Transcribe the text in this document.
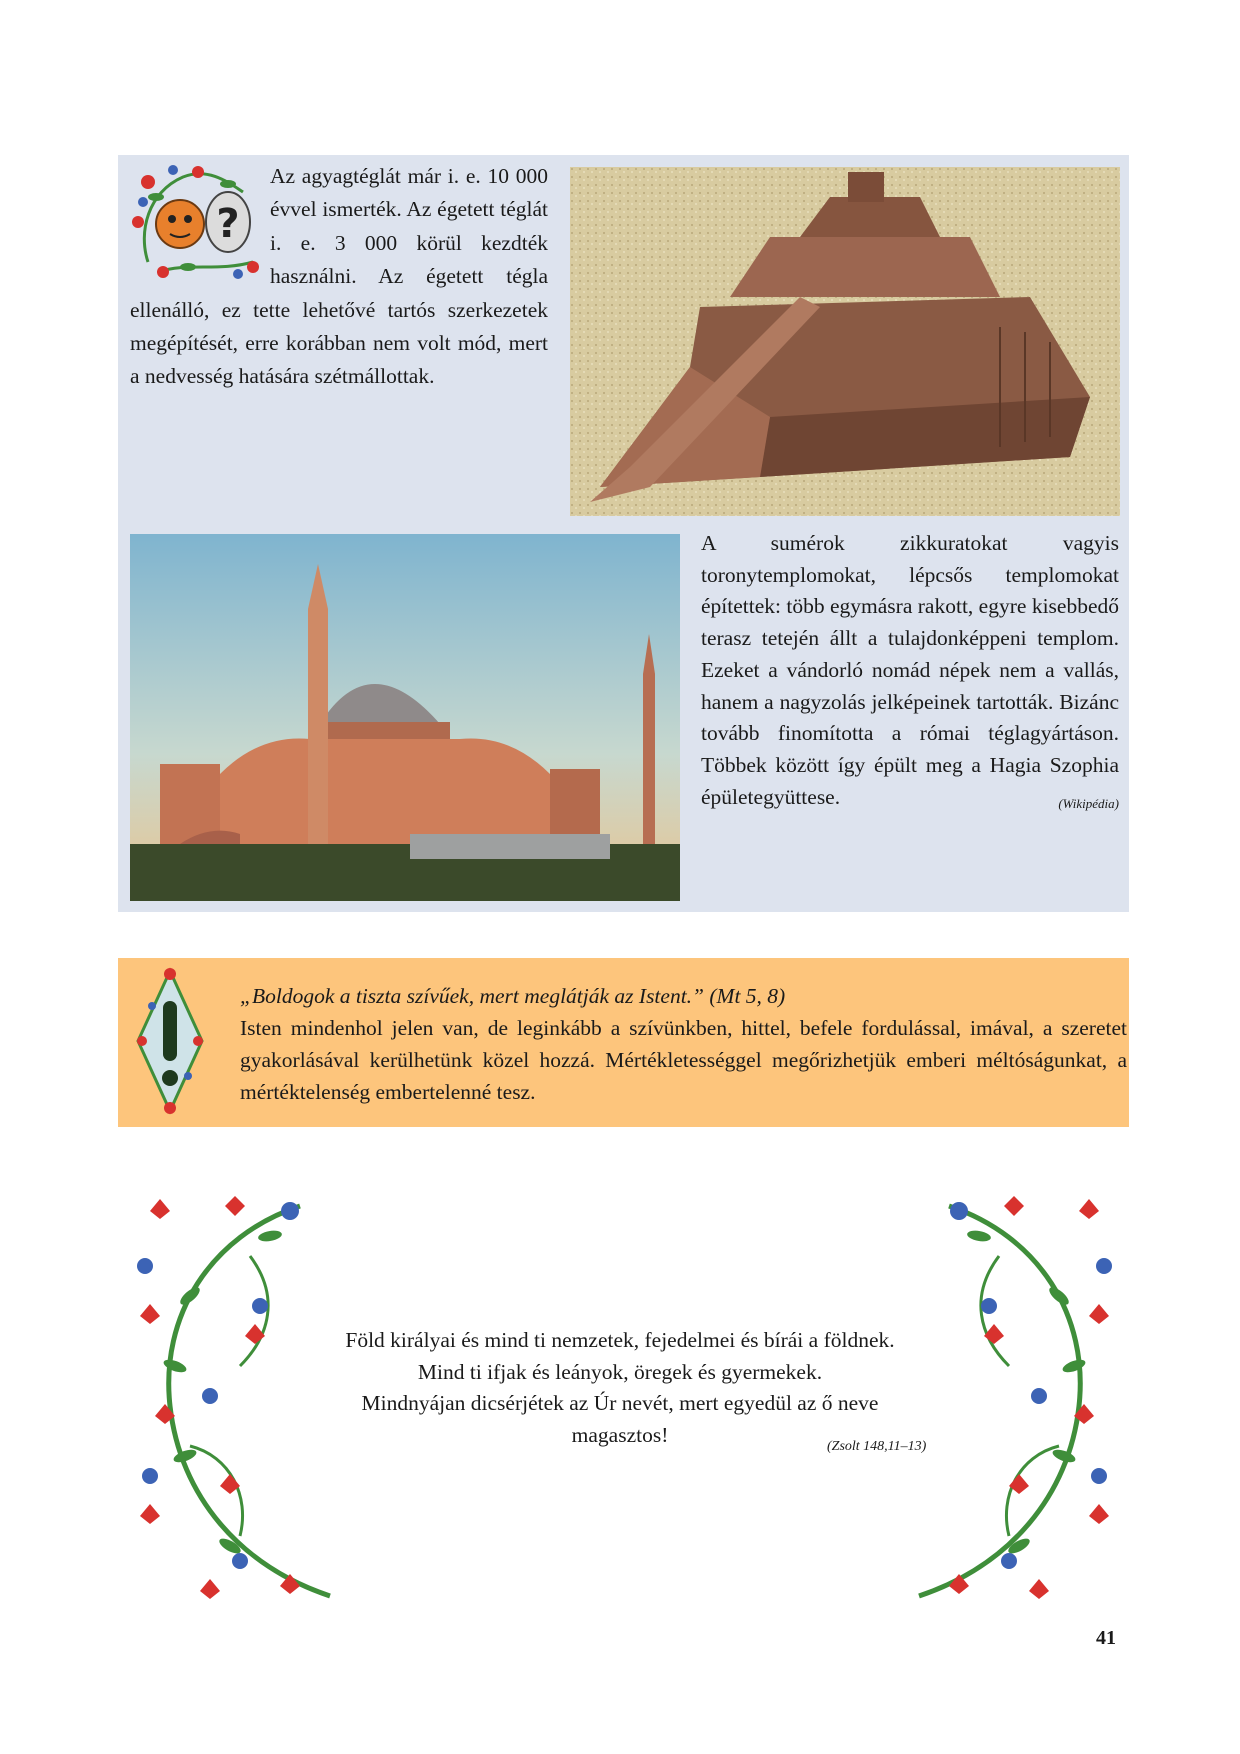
?

Az agyagtéglát már i. e. 10 000 évvel ismerték. Az égetett téglát i. e. 3 000 körül kezdték használni. Az égetett tégla ellenálló, ez tette lehetővé tartós szerkezetek megépítését, erre korábban nem volt mód, mert a nedvesség hatására szétmállottak.

A sumérok zikkuratokat vagyis toronytemplomokat, lépcsős templomokat építettek: több egymásra rakott, egyre kisebbedő terasz tetején állt a tulajdonképpeni templom. Ezeket a vándorló nomád népek nem a vallás, hanem a nagyzolás jelképeinek tartották. Bizánc tovább finomította a római téglagyártáson. Többek között így épült meg a Hagia Szophia épületegyüttese.	(Wikipédia)

„Boldogok a tiszta szívűek, mert meglátják az Istent.” (Mt 5, 8)
Isten mindenhol jelen van, de leginkább a szívünkben, hittel, befele fordulással, imával, a szeretet gyakorlásával kerülhetünk közel hozzá. Mértékletességgel megőrizhetjük emberi méltóságunkat, a mértéktelenség embertelenné tesz.

Föld királyai és mind ti nemzetek, fejedelmei és bírái a földnek.

Mind ti ifjak és leányok, öregek és gyermekek.

Mindnyájan dicsérjétek az Úr nevét, mert egyedül az ő neve

magasztos!	(Zsolt 148,11–13)
41
